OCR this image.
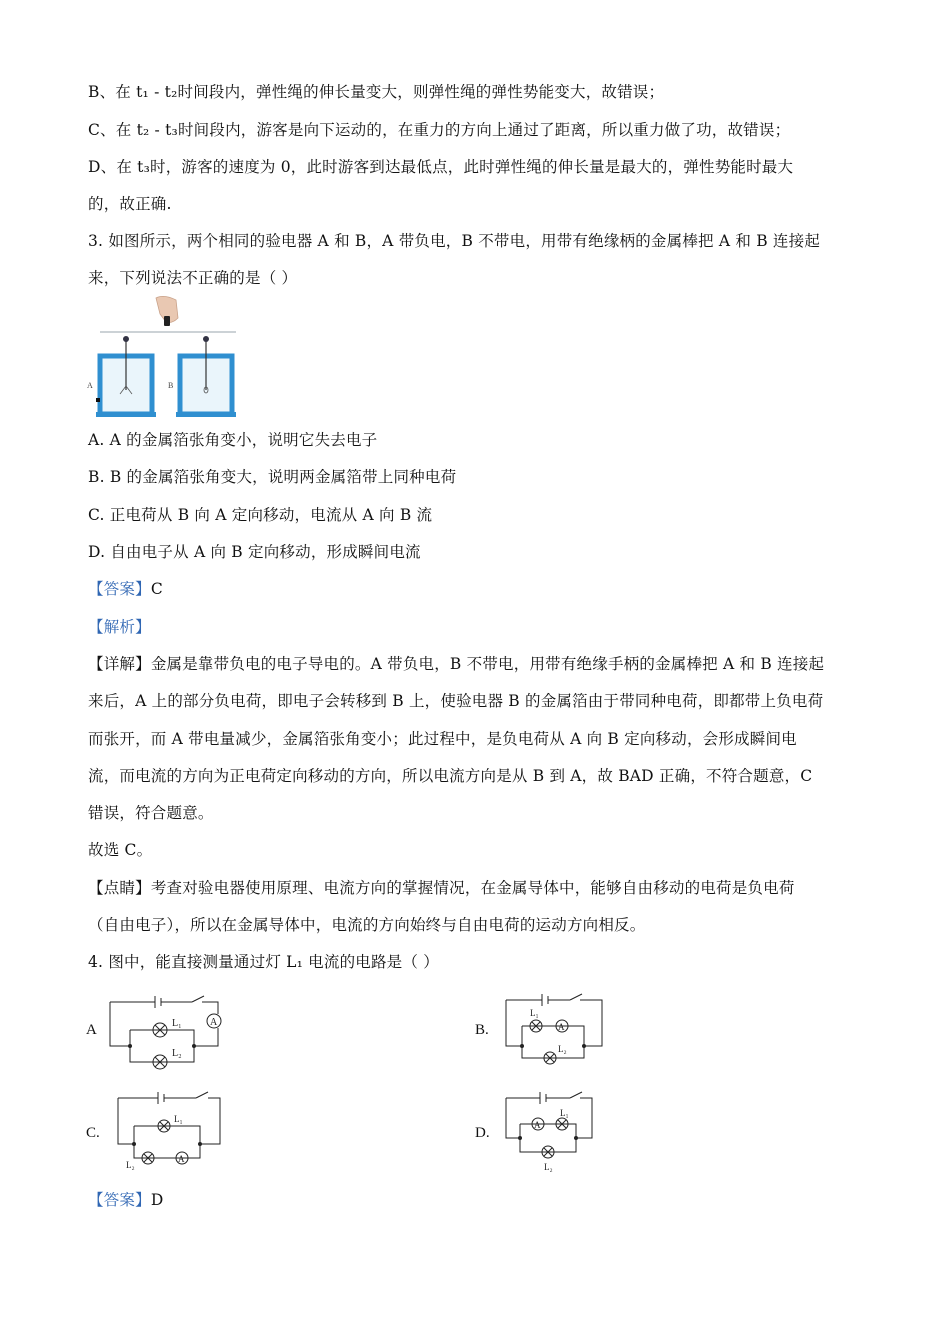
B、在 t₁ - t₂时间段内，弹性绳的伸长量变大，则弹性绳的弹性势能变大，故错误；
C、在 t₂ - t₃时间段内，游客是向下运动的，在重力的方向上通过了距离，所以重力做了功，故错误；
D、在 t₃时，游客的速度为 0，此时游客到达最低点，此时弹性绳的伸长量是最大的，弹性势能时最大
的，故正确.
3. 如图所示，两个相同的验电器 A 和 B，A 带负电，B 不带电，用带有绝缘柄的金属棒把 A 和 B 连接起
来，下列说法不正确的是（ ）
A	B
A. A 的金属箔张角变小，说明它失去电子
B. B 的金属箔张角变大，说明两金属箔带上同种电荷
C. 正电荷从 B 向 A 定向移动，电流从 A 向 B 流
D. 自由电子从 A 向 B 定向移动，形成瞬间电流
【答案】C
【解析】
【详解】金属是靠带负电的电子导电的。A 带负电，B 不带电，用带有绝缘手柄的金属棒把 A 和 B 连接起
来后，A 上的部分负电荷，即电子会转移到 B 上，使验电器 B 的金属箔由于带同种电荷，即都带上负电荷
而张开，而 A 带电量减少，金属箔张角变小；此过程中，是负电荷从 A 向 B 定向移动，会形成瞬间电
流，而电流的方向为正电荷定向移动的方向，所以电流方向是从 B 到 A，故 BAD 正确，不符合题意，C
错误，符合题意。
故选 C。
【点睛】考查对验电器使用原理、电流方向的掌握情况，在金属导体中，能够自由移动的电荷是负电荷
（自由电子），所以在金属导体中，电流的方向始终与自由电荷的运动方向相反。
4. 图中，能直接测量通过灯 L₁ 电流的电路是（ ）
A	A
L₁
L₂
B.	A
L₁
L₂
C.
A
L₁
L₂
D.	A
L₁
L₂
【答案】D
